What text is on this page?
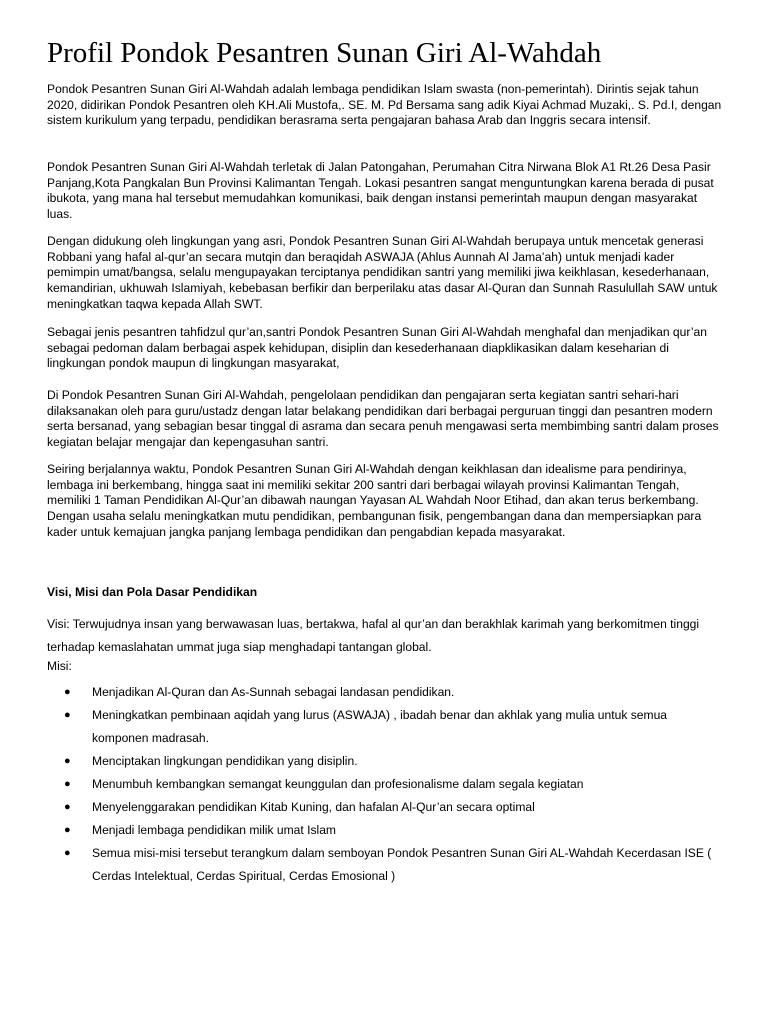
Profil Pondok Pesantren Sunan Giri Al-Wahdah

Pondok Pesantren Sunan Giri Al-Wahdah adalah lembaga pendidikan Islam swasta (non-pemerintah). Dirintis sejak tahun 2020, didirikan Pondok Pesantren oleh KH.Ali Mustofa,. SE. M. Pd Bersama sang adik Kiyai Achmad Muzaki,. S. Pd.I, dengan sistem kurikulum yang terpadu, pendidikan berasrama serta pengajaran bahasa Arab dan Inggris secara intensif.

Pondok Pesantren Sunan Giri Al-Wahdah terletak di Jalan Patongahan, Perumahan Citra Nirwana Blok A1 Rt.26 Desa Pasir Panjang,Kota Pangkalan Bun Provinsi Kalimantan Tengah. Lokasi pesantren sangat menguntungkan karena berada di pusat ibukota, yang mana hal tersebut memudahkan komunikasi, baik dengan instansi pemerintah maupun dengan masyarakat luas.

Dengan didukung oleh lingkungan yang asri, Pondok Pesantren Sunan Giri Al-Wahdah berupaya untuk mencetak generasi Robbani yang hafal al-qur’an secara mutqin dan beraqidah ASWAJA (Ahlus Aunnah Al Jama’ah) untuk menjadi kader pemimpin umat/bangsa, selalu mengupayakan terciptanya pendidikan santri yang memiliki jiwa keikhlasan, kesederhanaan, kemandirian, ukhuwah Islamiyah, kebebasan berfikir dan berperilaku atas dasar Al-Quran dan Sunnah Rasulullah SAW untuk meningkatkan taqwa kepada Allah SWT.

Sebagai jenis pesantren tahfidzul qur’an,santri Pondok Pesantren Sunan Giri Al-Wahdah menghafal dan menjadikan qur’an sebagai pedoman dalam berbagai aspek kehidupan, disiplin dan kesederhanaan diapklikasikan dalam keseharian di lingkungan pondok maupun di lingkungan masyarakat,

Di Pondok Pesantren Sunan Giri Al-Wahdah, pengelolaan pendidikan dan pengajaran serta kegiatan santri sehari-hari dilaksanakan oleh para guru/ustadz dengan latar belakang pendidikan dari berbagai perguruan tinggi dan pesantren modern serta bersanad, yang sebagian besar tinggal di asrama dan secara penuh mengawasi serta membimbing santri dalam proses kegiatan belajar mengajar dan kepengasuhan santri.

Seiring berjalannya waktu, Pondok Pesantren Sunan Giri Al-Wahdah dengan keikhlasan dan idealisme para pendirinya, lembaga ini berkembang, hingga saat ini memiliki sekitar 200 santri dari berbagai wilayah provinsi Kalimantan Tengah, memiliki 1 Taman Pendidikan Al-Qur’an dibawah naungan Yayasan AL Wahdah Noor Etihad, dan akan terus berkembang. Dengan usaha selalu meningkatkan mutu pendidikan, pembangunan fisik, pengembangan dana dan mempersiapkan para kader untuk kemajuan jangka panjang lembaga pendidikan dan pengabdian kepada masyarakat.

Visi, Misi dan Pola Dasar Pendidikan

Visi: Terwujudnya insan yang berwawasan luas, bertakwa, hafal al qur’an dan berakhlak karimah yang berkomitmen tinggi terhadap kemaslahatan ummat juga siap menghadapi tantangan global.

Misi:

● Menjadikan Al-Quran dan As-Sunnah sebagai landasan pendidikan.
● Meningkatkan pembinaan aqidah yang lurus (ASWAJA) , ibadah benar dan akhlak yang mulia untuk semua komponen madrasah.
● Menciptakan lingkungan pendidikan yang disiplin.
● Menumbuh kembangkan semangat keunggulan dan profesionalisme dalam segala kegiatan
● Menyelenggarakan pendidikan Kitab Kuning, dan hafalan Al-Qur’an secara optimal
● Menjadi lembaga pendidikan milik umat Islam
● Semua misi-misi tersebut terangkum dalam semboyan Pondok Pesantren Sunan Giri AL-Wahdah Kecerdasan ISE ( Cerdas Intelektual, Cerdas Spiritual, Cerdas Emosional )
